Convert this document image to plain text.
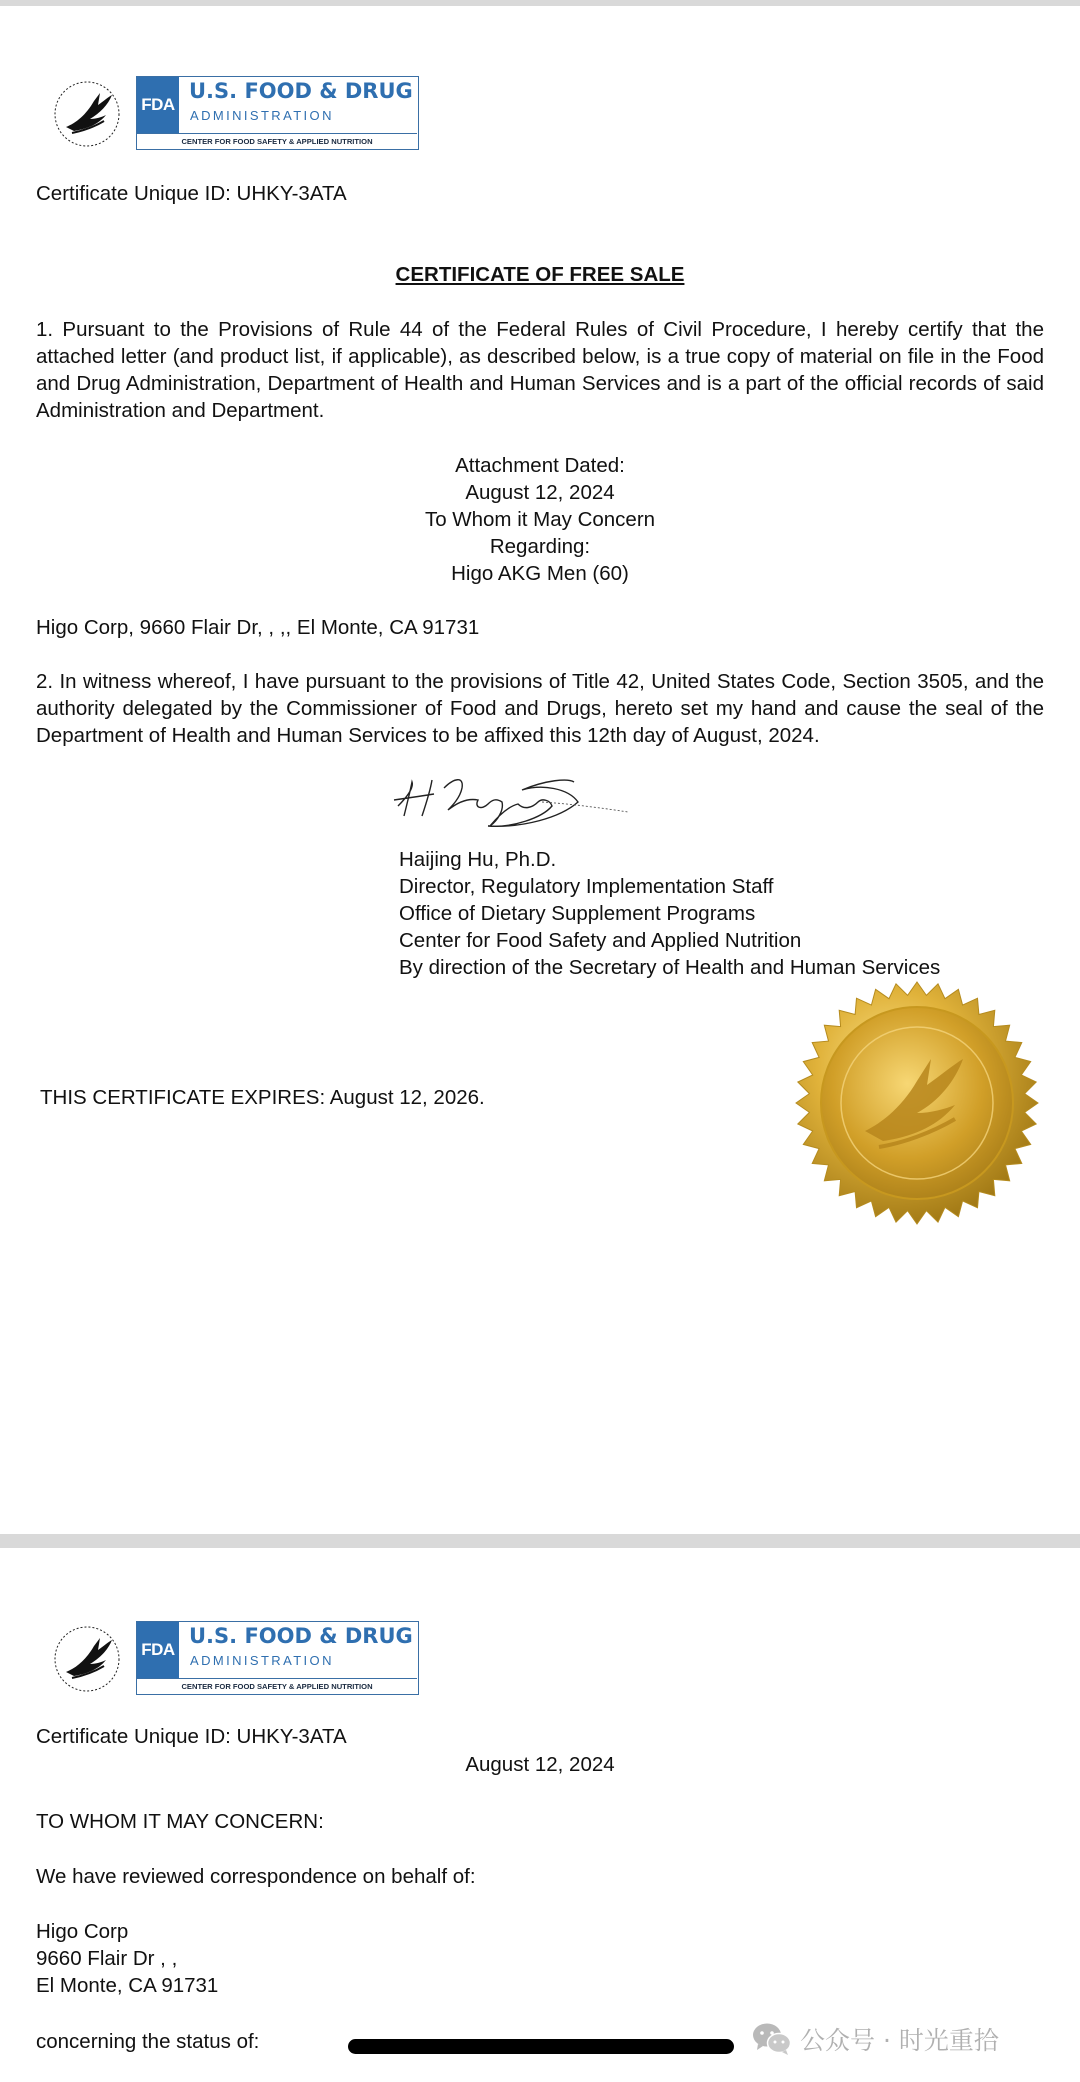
FDA
U.S. FOOD & DRUG
ADMINISTRATION
CENTER FOR FOOD SAFETY & APPLIED NUTRITION
Certificate Unique ID: UHKY-3ATA
CERTIFICATE OF FREE SALE
1. Pursuant to the Provisions of Rule 44 of the Federal Rules of Civil Procedure, I hereby certify that the attached letter (and product list, if applicable), as described below, is a true copy of material on file in the Food and Drug Administration, Department of Health and Human Services and is a part of the official records of said Administration and Department.
Attachment Dated:
August 12, 2024
To Whom it May Concern
Regarding:
Higo AKG Men (60)
Higo Corp, 9660 Flair Dr, , ,, El Monte, CA 91731
2. In witness whereof, I have pursuant to the provisions of Title 42, United States Code, Section 3505, and the authority delegated by the Commissioner of Food and Drugs, hereto set my hand and cause the seal of the Department of Health and Human Services to be affixed this 12th day of August, 2024.
Haijing Hu, Ph.D.
Director, Regulatory Implementation Staff
Office of Dietary Supplement Programs
Center for Food Safety and Applied Nutrition
By direction of the Secretary of Health and Human Services
THIS CERTIFICATE EXPIRES: August 12, 2026.
FDA
U.S. FOOD & DRUG
ADMINISTRATION
CENTER FOR FOOD SAFETY & APPLIED NUTRITION
Certificate Unique ID: UHKY-3ATA
August 12, 2024
TO WHOM IT MAY CONCERN:
We have reviewed correspondence on behalf of:
Higo Corp
9660 Flair Dr , ,
El Monte, CA 91731
concerning the status of:	公众号 · 时光重拾
